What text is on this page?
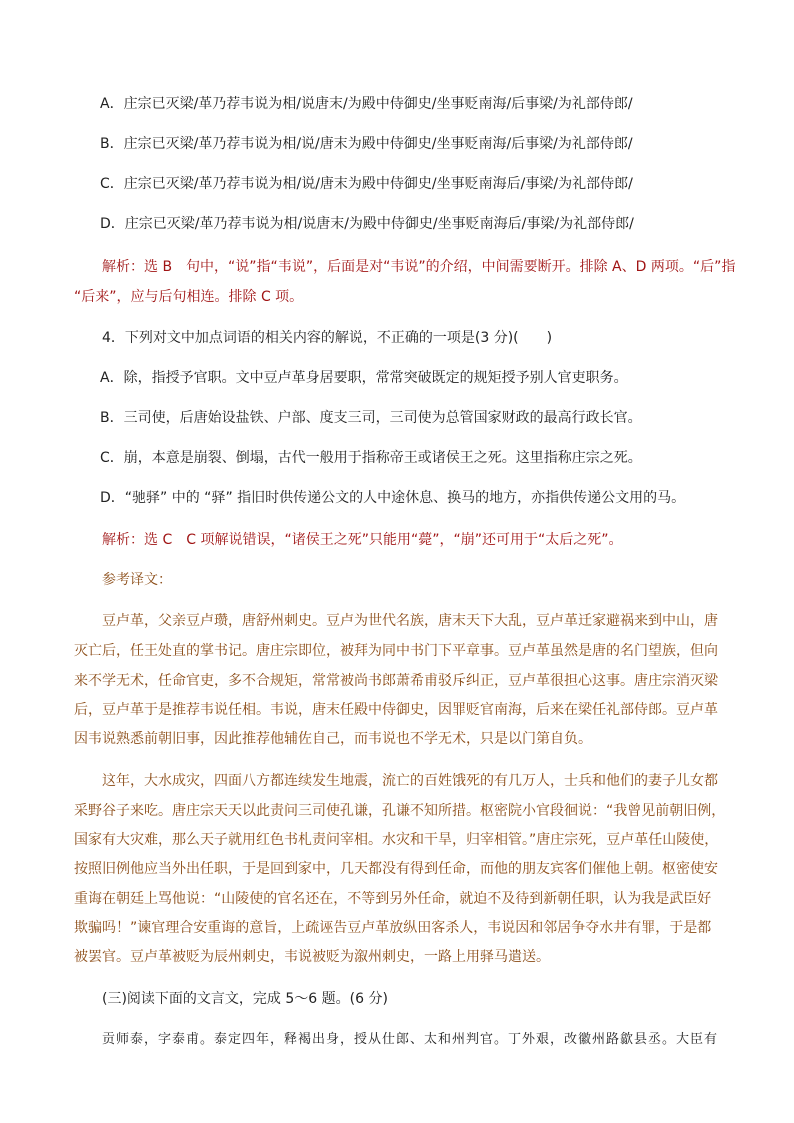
A．庄宗已灭梁/革乃荐韦说为相/说唐末/为殿中侍御史/坐事贬南海/后事梁/为礼部侍郎/
B．庄宗已灭梁/革乃荐韦说为相/说/唐末为殿中侍御史/坐事贬南海/后事梁/为礼部侍郎/
C．庄宗已灭梁/革乃荐韦说为相/说/唐末为殿中侍御史/坐事贬南海后/事梁/为礼部侍郎/
D．庄宗已灭梁/革乃荐韦说为相/说唐末/为殿中侍御史/坐事贬南海后/事梁/为礼部侍郎/
解析：选 B　句中，“说”指“韦说”，后面是对“韦说”的介绍，中间需要断开。排除 A、D 两项。“后”指
“后来”，应与后句相连。排除 C 项。
4．下列对文中加点词语的相关内容的解说，不正确的一项是(3 分)(　　)
A．除，指授予官职。文中豆卢革身居要职，常常突破既定的规矩授予别人官吏职务。
B．三司使，后唐始设盐铁、户部、度支三司，三司使为总管国家财政的最高行政长官。
C．崩，本意是崩裂、倒塌，古代一般用于指称帝王或诸侯王之死。这里指称庄宗之死。
D．“驰驿” 中的 “驿” 指旧时供传递公文的人中途休息、换马的地方，亦指供传递公文用的马。
解析：选 C　C 项解说错误，“诸侯王之死”只能用“薨”，“崩”还可用于“太后之死”。
参考译文：
豆卢革，父亲豆卢瓒，唐舒州刺史。豆卢为世代名族，唐末天下大乱，豆卢革迁家避祸来到中山，唐
灭亡后，任王处直的掌书记。唐庄宗即位，被拜为同中书门下平章事。豆卢革虽然是唐的名门望族，但向
来不学无术，任命官吏，多不合规矩，常常被尚书郎萧希甫驳斥纠正，豆卢革很担心这事。唐庄宗消灭梁
后，豆卢革于是推荐韦说任相。韦说，唐末任殿中侍御史，因罪贬官南海，后来在梁任礼部侍郎。豆卢革
因韦说熟悉前朝旧事，因此推荐他辅佐自己，而韦说也不学无术，只是以门第自负。
这年，大水成灾，四面八方都连续发生地震，流亡的百姓饿死的有几万人，士兵和他们的妻子儿女都
采野谷子来吃。唐庄宗天天以此责问三司使孔谦，孔谦不知所措。枢密院小官段徊说：“我曾见前朝旧例，
国家有大灾难，那么天子就用红色书札责问宰相。水灾和干旱，归宰相管。”唐庄宗死，豆卢革任山陵使，
按照旧例他应当外出任职，于是回到家中，几天都没有得到任命，而他的朋友宾客们催他上朝。枢密使安
重诲在朝廷上骂他说：“山陵使的官名还在，不等到另外任命，就迫不及待到新朝任职，认为我是武臣好
欺骗吗！”谏官理合安重诲的意旨，上疏诬告豆卢革放纵田客杀人，韦说因和邻居争夺水井有罪，于是都
被罢官。豆卢革被贬为辰州刺史，韦说被贬为溆州刺史，一路上用驿马遣送。
(三)阅读下面的文言文，完成 5～6 题。(6 分)
贡师泰，字泰甫。泰定四年，释褐出身，授从仕郎、太和州判官。丁外艰，改徽州路歙县丞。大臣有
